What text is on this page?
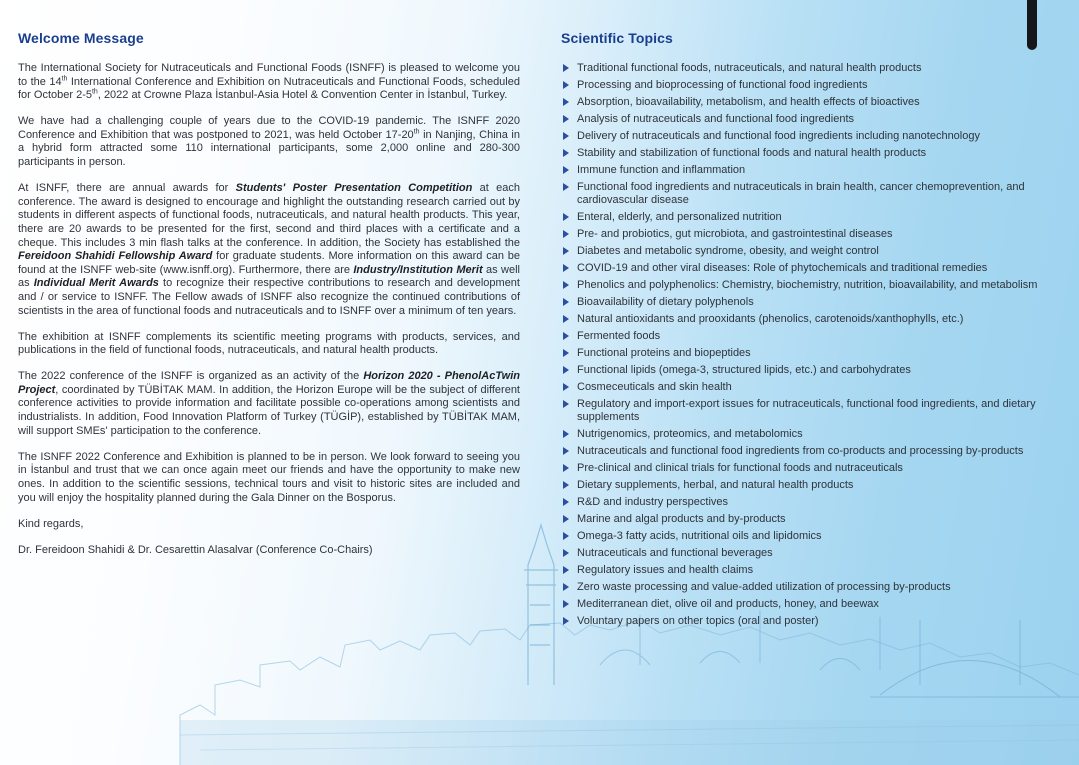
Welcome Message

The International Society for Nutraceuticals and Functional Foods (ISNFF) is pleased to welcome you to the 14th International Conference and Exhibition on Nutraceuticals and Functional Foods, scheduled for October 2-5th, 2022 at Crowne Plaza İstanbul-Asia Hotel & Convention Center in İstanbul, Turkey.

We have had a challenging couple of years due to the COVID-19 pandemic. The ISNFF 2020 Conference and Exhibition that was postponed to 2021, was held October 17-20th in Nanjing, China in a hybrid form attracted some 110 international participants, some 2,000 online and 280-300 participants in person.

At ISNFF, there are annual awards for Students' Poster Presentation Competition at each conference. The award is designed to encourage and highlight the outstanding research carried out by students in different aspects of functional foods, nutraceuticals, and natural health products. This year, there are 20 awards to be presented for the first, second and third places with a certificate and a cheque. This includes 3 min flash talks at the conference. In addition, the Society has established the Fereidoon Shahidi Fellowship Award for graduate students. More information on this award can be found at the ISNFF web-site (www.isnff.org). Furthermore, there are Industry/Institution Merit as well as Individual Merit Awards to recognize their respective contributions to research and development and / or service to ISNFF. The Fellow awads of ISNFF also recognize the continued contributions of scientists in the area of functional foods and nutraceuticals and to ISNFF over a minimum of ten years.

The exhibition at ISNFF complements its scientific meeting programs with products, services, and publications in the field of functional foods, nutraceuticals, and natural health products.

The 2022 conference of the ISNFF is organized as an activity of the Horizon 2020 - PhenolAcTwin Project, coordinated by TÜBİTAK MAM. In addition, the Horizon Europe will be the subject of different conference activities to provide information and facilitate possible co-operations among scientists and industrialists. In addition, Food Innovation Platform of Turkey (TÜGİP), established by TÜBİTAK MAM, will support SMEs' participation to the conference.

The ISNFF 2022 Conference and Exhibition is planned to be in person. We look forward to seeing you in İstanbul and trust that we can once again meet our friends and have the opportunity to make new ones. In addition to the scientific sessions, technical tours and visit to historic sites are included and you will enjoy the hospitality planned during the Gala Dinner on the Bosporus.

Kind regards,

Dr. Fereidoon Shahidi & Dr. Cesarettin Alasalvar (Conference Co-Chairs)

Scientific Topics
Traditional functional foods, nutraceuticals, and natural health products
Processing and bioprocessing of functional food ingredients
Absorption, bioavailability, metabolism, and health effects of bioactives
Analysis of nutraceuticals and functional food ingredients
Delivery of nutraceuticals and functional food ingredients including nanotechnology
Stability and stabilization of functional foods and natural health products
Immune function and inflammation
Functional food ingredients and nutraceuticals in brain health, cancer chemoprevention, and cardiovascular disease
Enteral, elderly, and personalized nutrition
Pre- and probiotics, gut microbiota, and gastrointestinal diseases
Diabetes and metabolic syndrome, obesity, and weight control
COVID-19 and other viral diseases: Role of phytochemicals and traditional remedies
Phenolics and polyphenolics: Chemistry, biochemistry, nutrition, bioavailability, and metabolism
Bioavailability of dietary polyphenols
Natural antioxidants and prooxidants (phenolics, carotenoids/xanthophylls, etc.)
Fermented foods
Functional proteins and biopeptides
Functional lipids (omega-3, structured lipids, etc.) and carbohydrates
Cosmeceuticals and skin health
Regulatory and import-export issues for nutraceuticals, functional food ingredients, and dietary supplements
Nutrigenomics, proteomics, and metabolomics
Nutraceuticals and functional food ingredients from co-products and processing by-products
Pre-clinical and clinical trials for functional foods and nutraceuticals
Dietary supplements, herbal, and natural health products
R&D and industry perspectives
Marine and algal products and by-products
Omega-3 fatty acids, nutritional oils and lipidomics
Nutraceuticals and functional beverages
Regulatory issues and health claims
Zero waste processing and value-added utilization of processing by-products
Mediterranean diet, olive oil and products, honey, and beewax
Voluntary papers on other topics (oral and poster)
